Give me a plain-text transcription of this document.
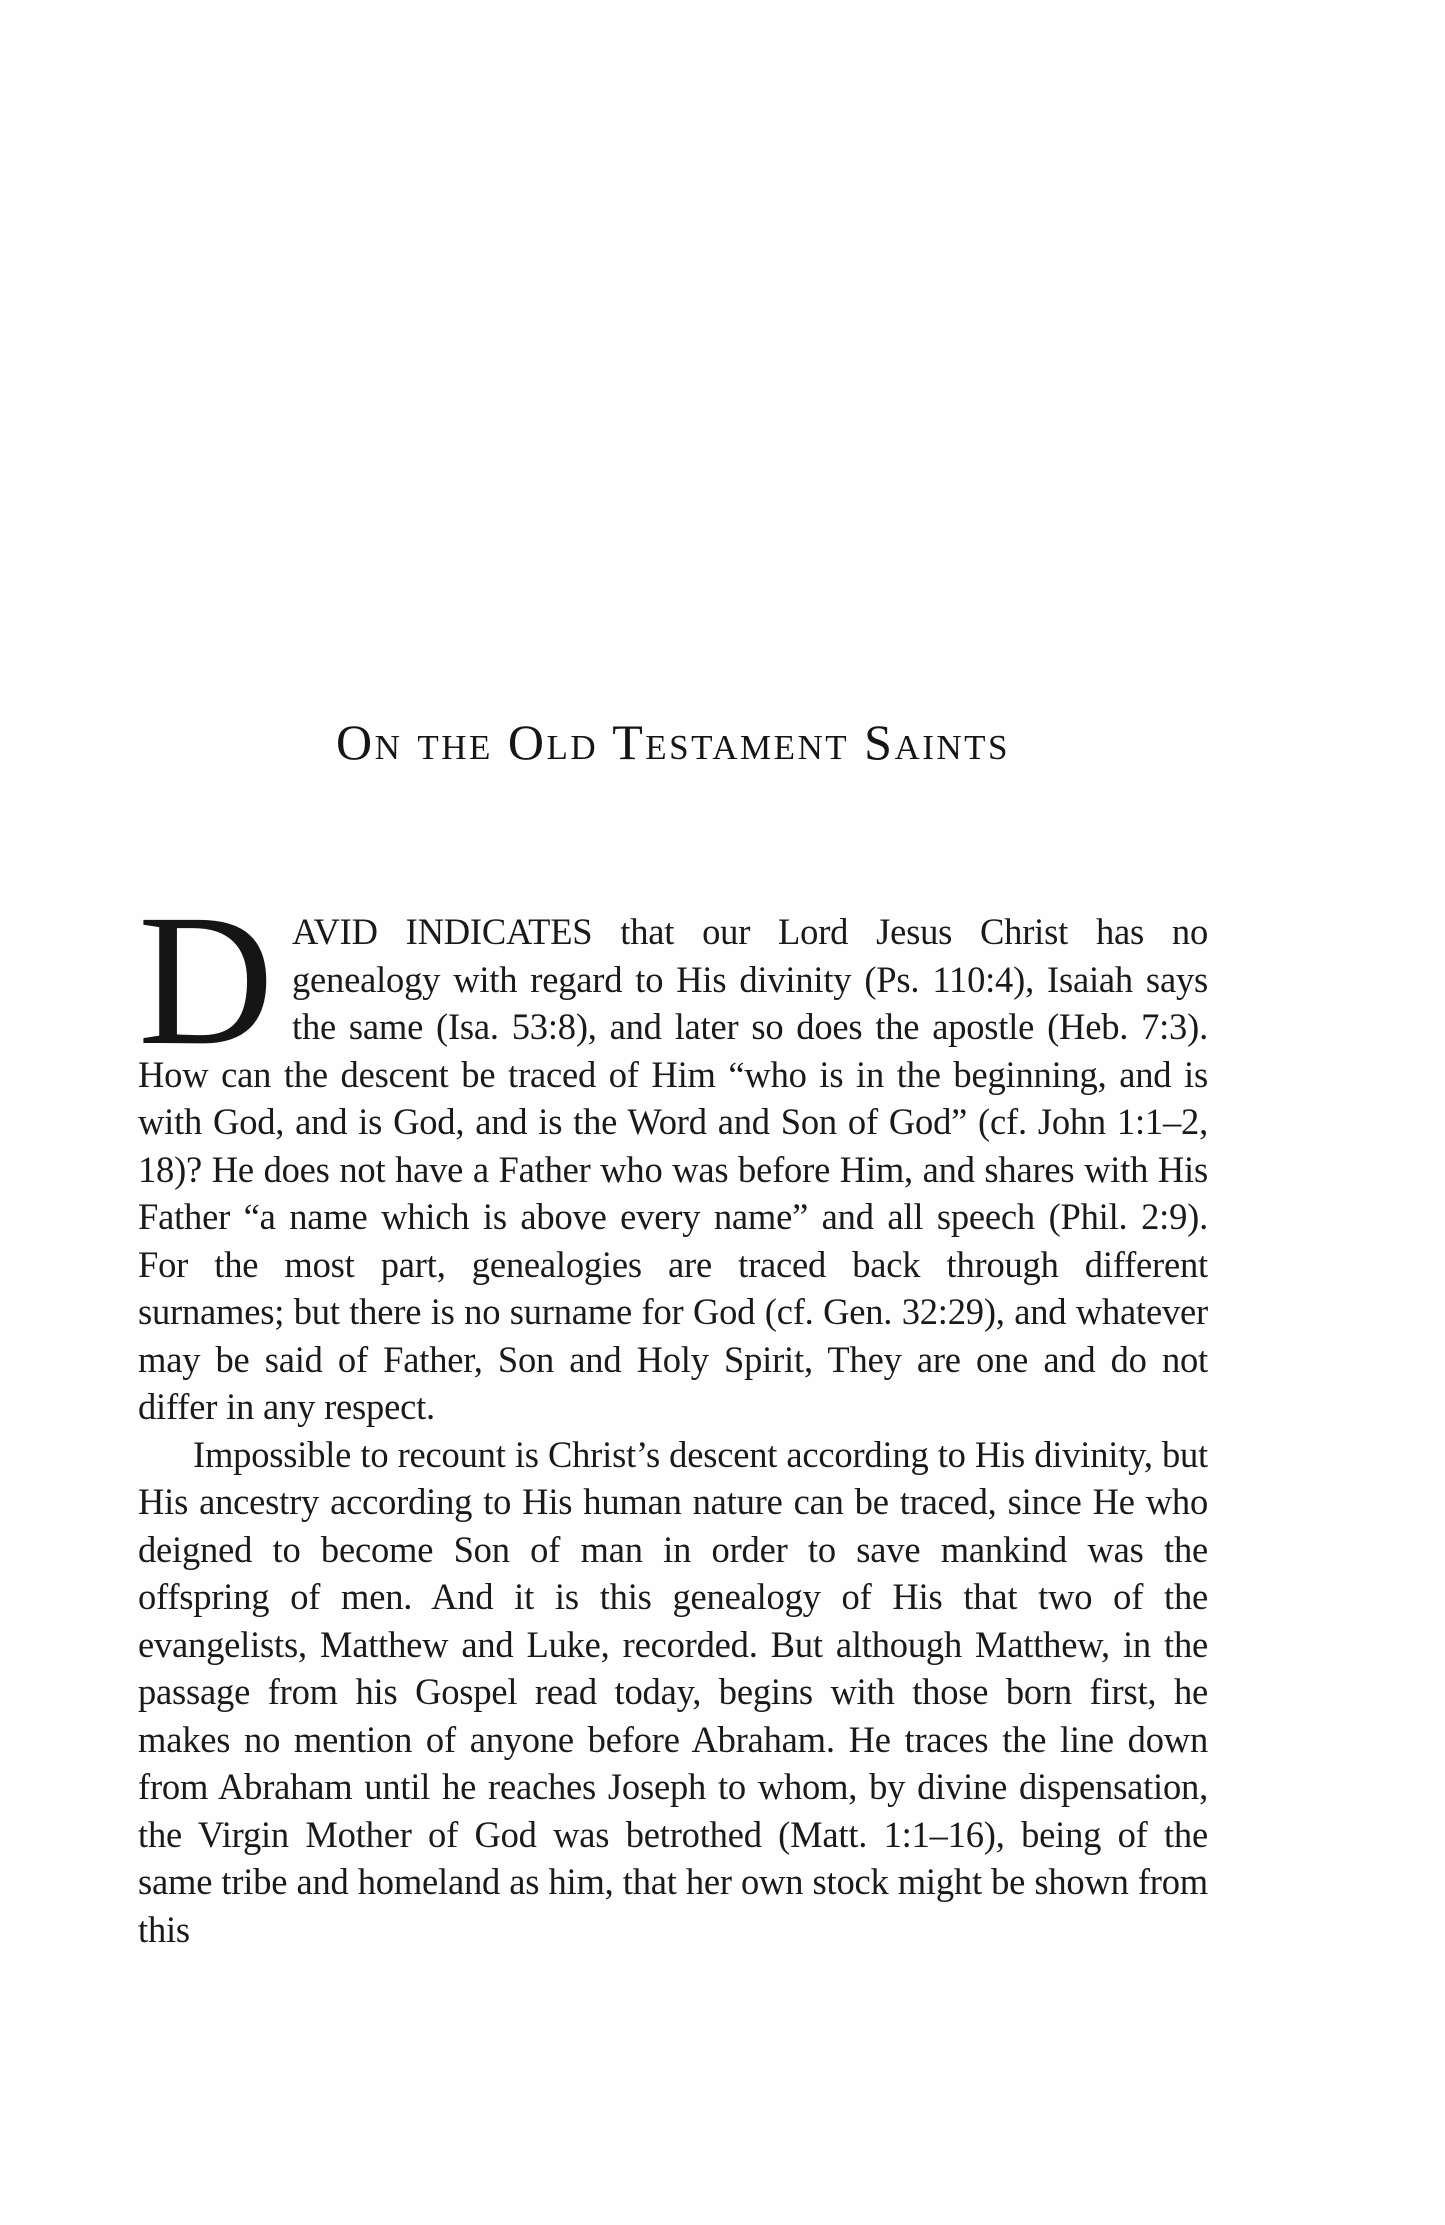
On the Old Testament Saints

DAVID INDICATES that our Lord Jesus Christ has no genealogy with regard to His divinity (Ps. 110:4), Isaiah says the same (Isa. 53:8), and later so does the apostle (Heb. 7:3). How can the descent be traced of Him “who is in the beginning, and is with God, and is God, and is the Word and Son of God” (cf. John 1:1–2, 18)? He does not have a Father who was before Him, and shares with His Father “a name which is above every name” and all speech (Phil. 2:9). For the most part, genealogies are traced back through different surnames; but there is no surname for God (cf. Gen. 32:29), and whatever may be said of Father, Son and Holy Spirit, They are one and do not differ in any respect.

Impossible to recount is Christ’s descent according to His divinity, but His ancestry according to His human nature can be traced, since He who deigned to become Son of man in order to save mankind was the offspring of men. And it is this genealogy of His that two of the evangelists, Matthew and Luke, recorded. But although Matthew, in the passage from his Gospel read today, begins with those born first, he makes no mention of anyone before Abraham. He traces the line down from Abraham until he reaches Joseph to whom, by divine dispensation, the Virgin Mother of God was betrothed (Matt. 1:1–16), being of the same tribe and homeland as him, that her own stock might be shown from this
